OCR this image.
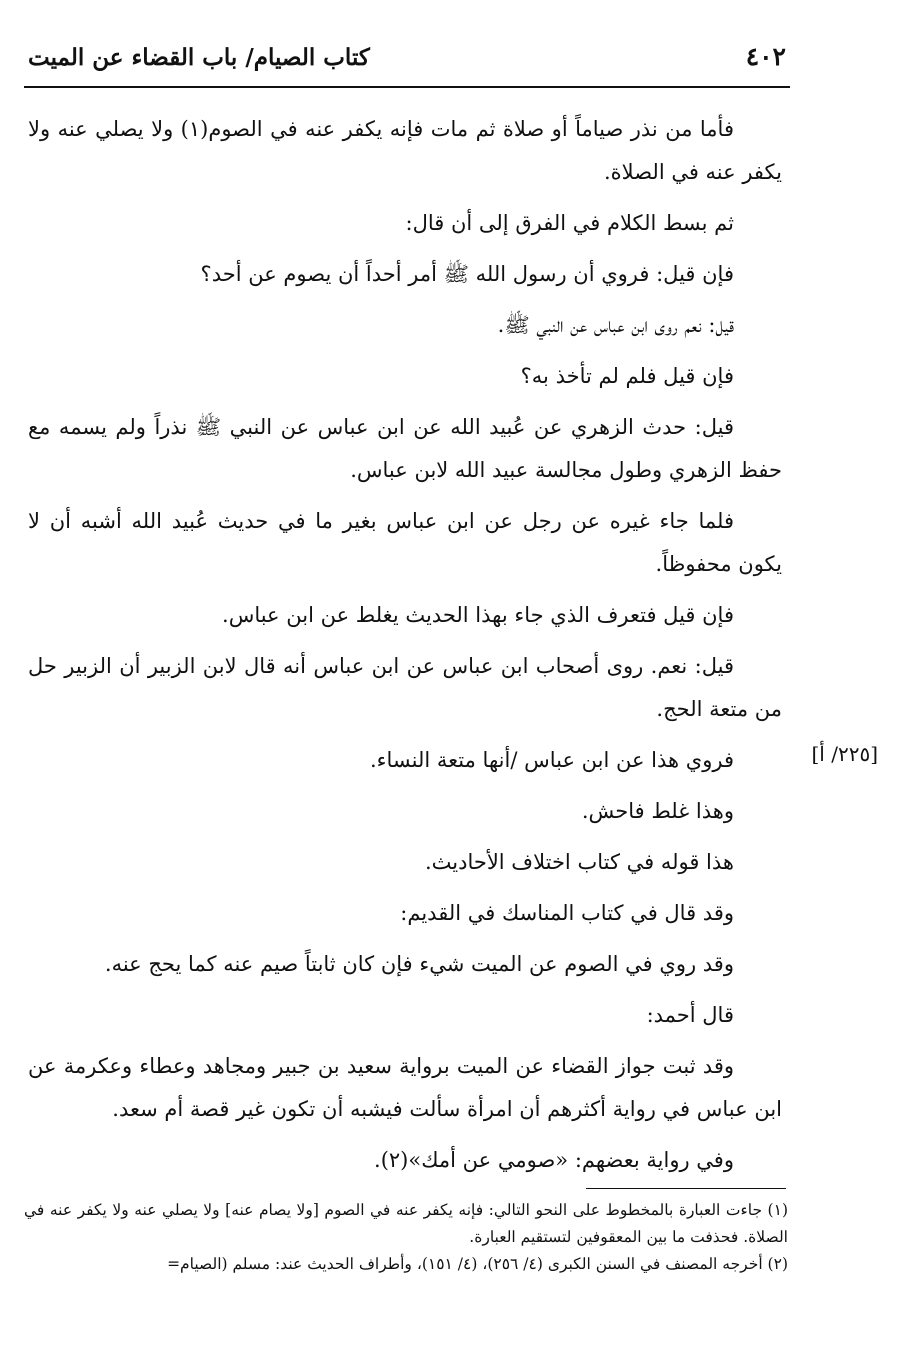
٤٠٢
كتاب الصيام/ باب القضاء عن الميت
[٢٢٥/ أ]

فأما من نذر صياماً أو صلاة ثم مات فإنه يكفر عنه في الصوم(١) ولا يصلي عنه ولا يكفر عنه في الصلاة.

ثم بسط الكلام في الفرق إلى أن قال:

فإن قيل: فروي أن رسول الله ﷺ أمر أحداً أن يصوم عن أحد؟

قيل: نعم روى ابن عباس عن النبي ﷺ.

فإن قيل فلم لم تأخذ به؟

قيل: حدث الزهري عن عُبيد الله عن ابن عباس عن النبي ﷺ نذراً ولم يسمه مع حفظ الزهري وطول مجالسة عبيد الله لابن عباس.

فلما جاء غيره عن رجل عن ابن عباس بغير ما في حديث عُبيد الله أشبه أن لا يكون محفوظاً.

فإن قيل فتعرف الذي جاء بهذا الحديث يغلط عن ابن عباس.

قيل: نعم. روى أصحاب ابن عباس عن ابن عباس أنه قال لابن الزبير أن الزبير حل من متعة الحج.

فروي هذا عن ابن عباس /أنها متعة النساء.

وهذا غلط فاحش.

هذا قوله في كتاب اختلاف الأحاديث.

وقد قال في كتاب المناسك في القديم:

وقد روي في الصوم عن الميت شيء فإن كان ثابتاً صيم عنه كما يحج عنه.

قال أحمد:

وقد ثبت جواز القضاء عن الميت برواية سعيد بن جبير ومجاهد وعطاء وعكرمة عن ابن عباس في رواية أكثرهم أن امرأة سألت فيشبه أن تكون غير قصة أم سعد.

وفي رواية بعضهم: «صومي عن أمك»(٢).

(١) جاءت العبارة بالمخطوط على النحو التالي: فإنه يكفر عنه في الصوم [ولا يصام عنه] ولا يصلي عنه ولا يكفر عنه في الصلاة. فحذفت ما بين المعقوفين لتستقيم العبارة.

(٢) أخرجه المصنف في السنن الكبرى (٤/ ٢٥٦)، (٤/ ١٥١)، وأطراف الحديث عند: مسلم (الصيام=
